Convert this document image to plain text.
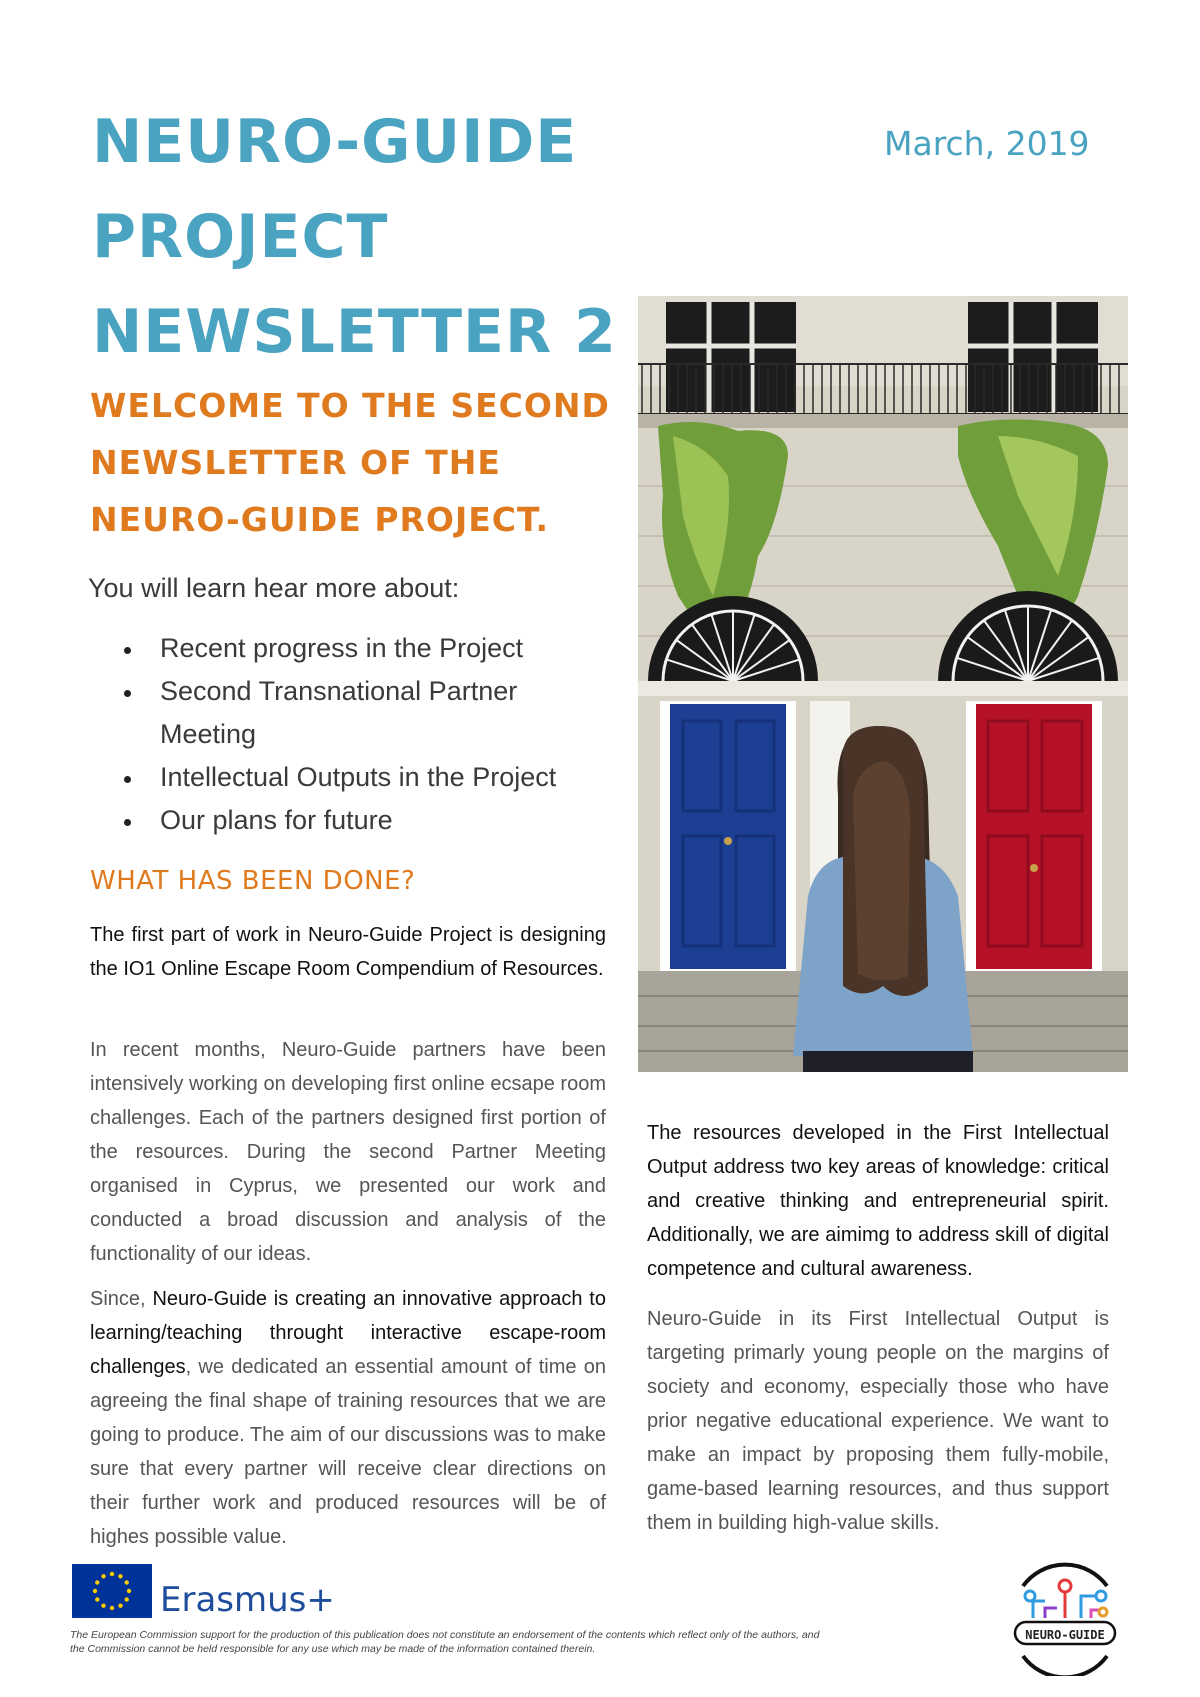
NEURO-GUIDE
PROJECT
NEWSLETTER 2
March, 2019
WELCOME TO THE SECOND
NEWSLETTER OF THE
NEURO-GUIDE PROJECT.
You will learn hear more about:
Recent progress in the Project
Second Transnational Partner Meeting
Intellectual Outputs in the Project
Our plans for future
WHAT HAS BEEN DONE?
The first part of work in Neuro-Guide Project is designing the IO1 Online Escape Room Compendium of Resources.
In recent months, Neuro-Guide partners have been intensively working on developing first online ecsape room challenges. Each of the partners designed first portion of the resources. During the second Partner Meeting organised in Cyprus, we presented our work and conducted a broad discussion and analysis of the functionality of our ideas.
Since, Neuro-Guide is creating an innovative approach to learning/teaching throught interactive escape-room challenges, we dedicated an essential amount of time on agreeing the final shape of training resources that we are going to produce. The aim of our discussions was to make sure that every partner will receive clear directions on their further work and produced resources will be of highes possible value.
The resources developed in the First Intellectual Output address two key areas of knowledge: critical and creative thinking and entrepreneurial spirit. Additionally, we are aimimg to address skill of digital competence and cultural awareness.
Neuro-Guide in its First Intellectual Output is targeting primarly young people on the margins of society and economy, especially those who have prior negative educational experience. We want to make an impact by proposing them fully-mobile, game-based learning resources, and thus support them in building high-value skills.
Erasmus+
The European Commission support for the production of this publication does not constitute an endorsement of the contents which reflect only of the authors, and the Commission cannot be held responsible for any use which may be made of the information contained therein.
NEURO-GUIDE
